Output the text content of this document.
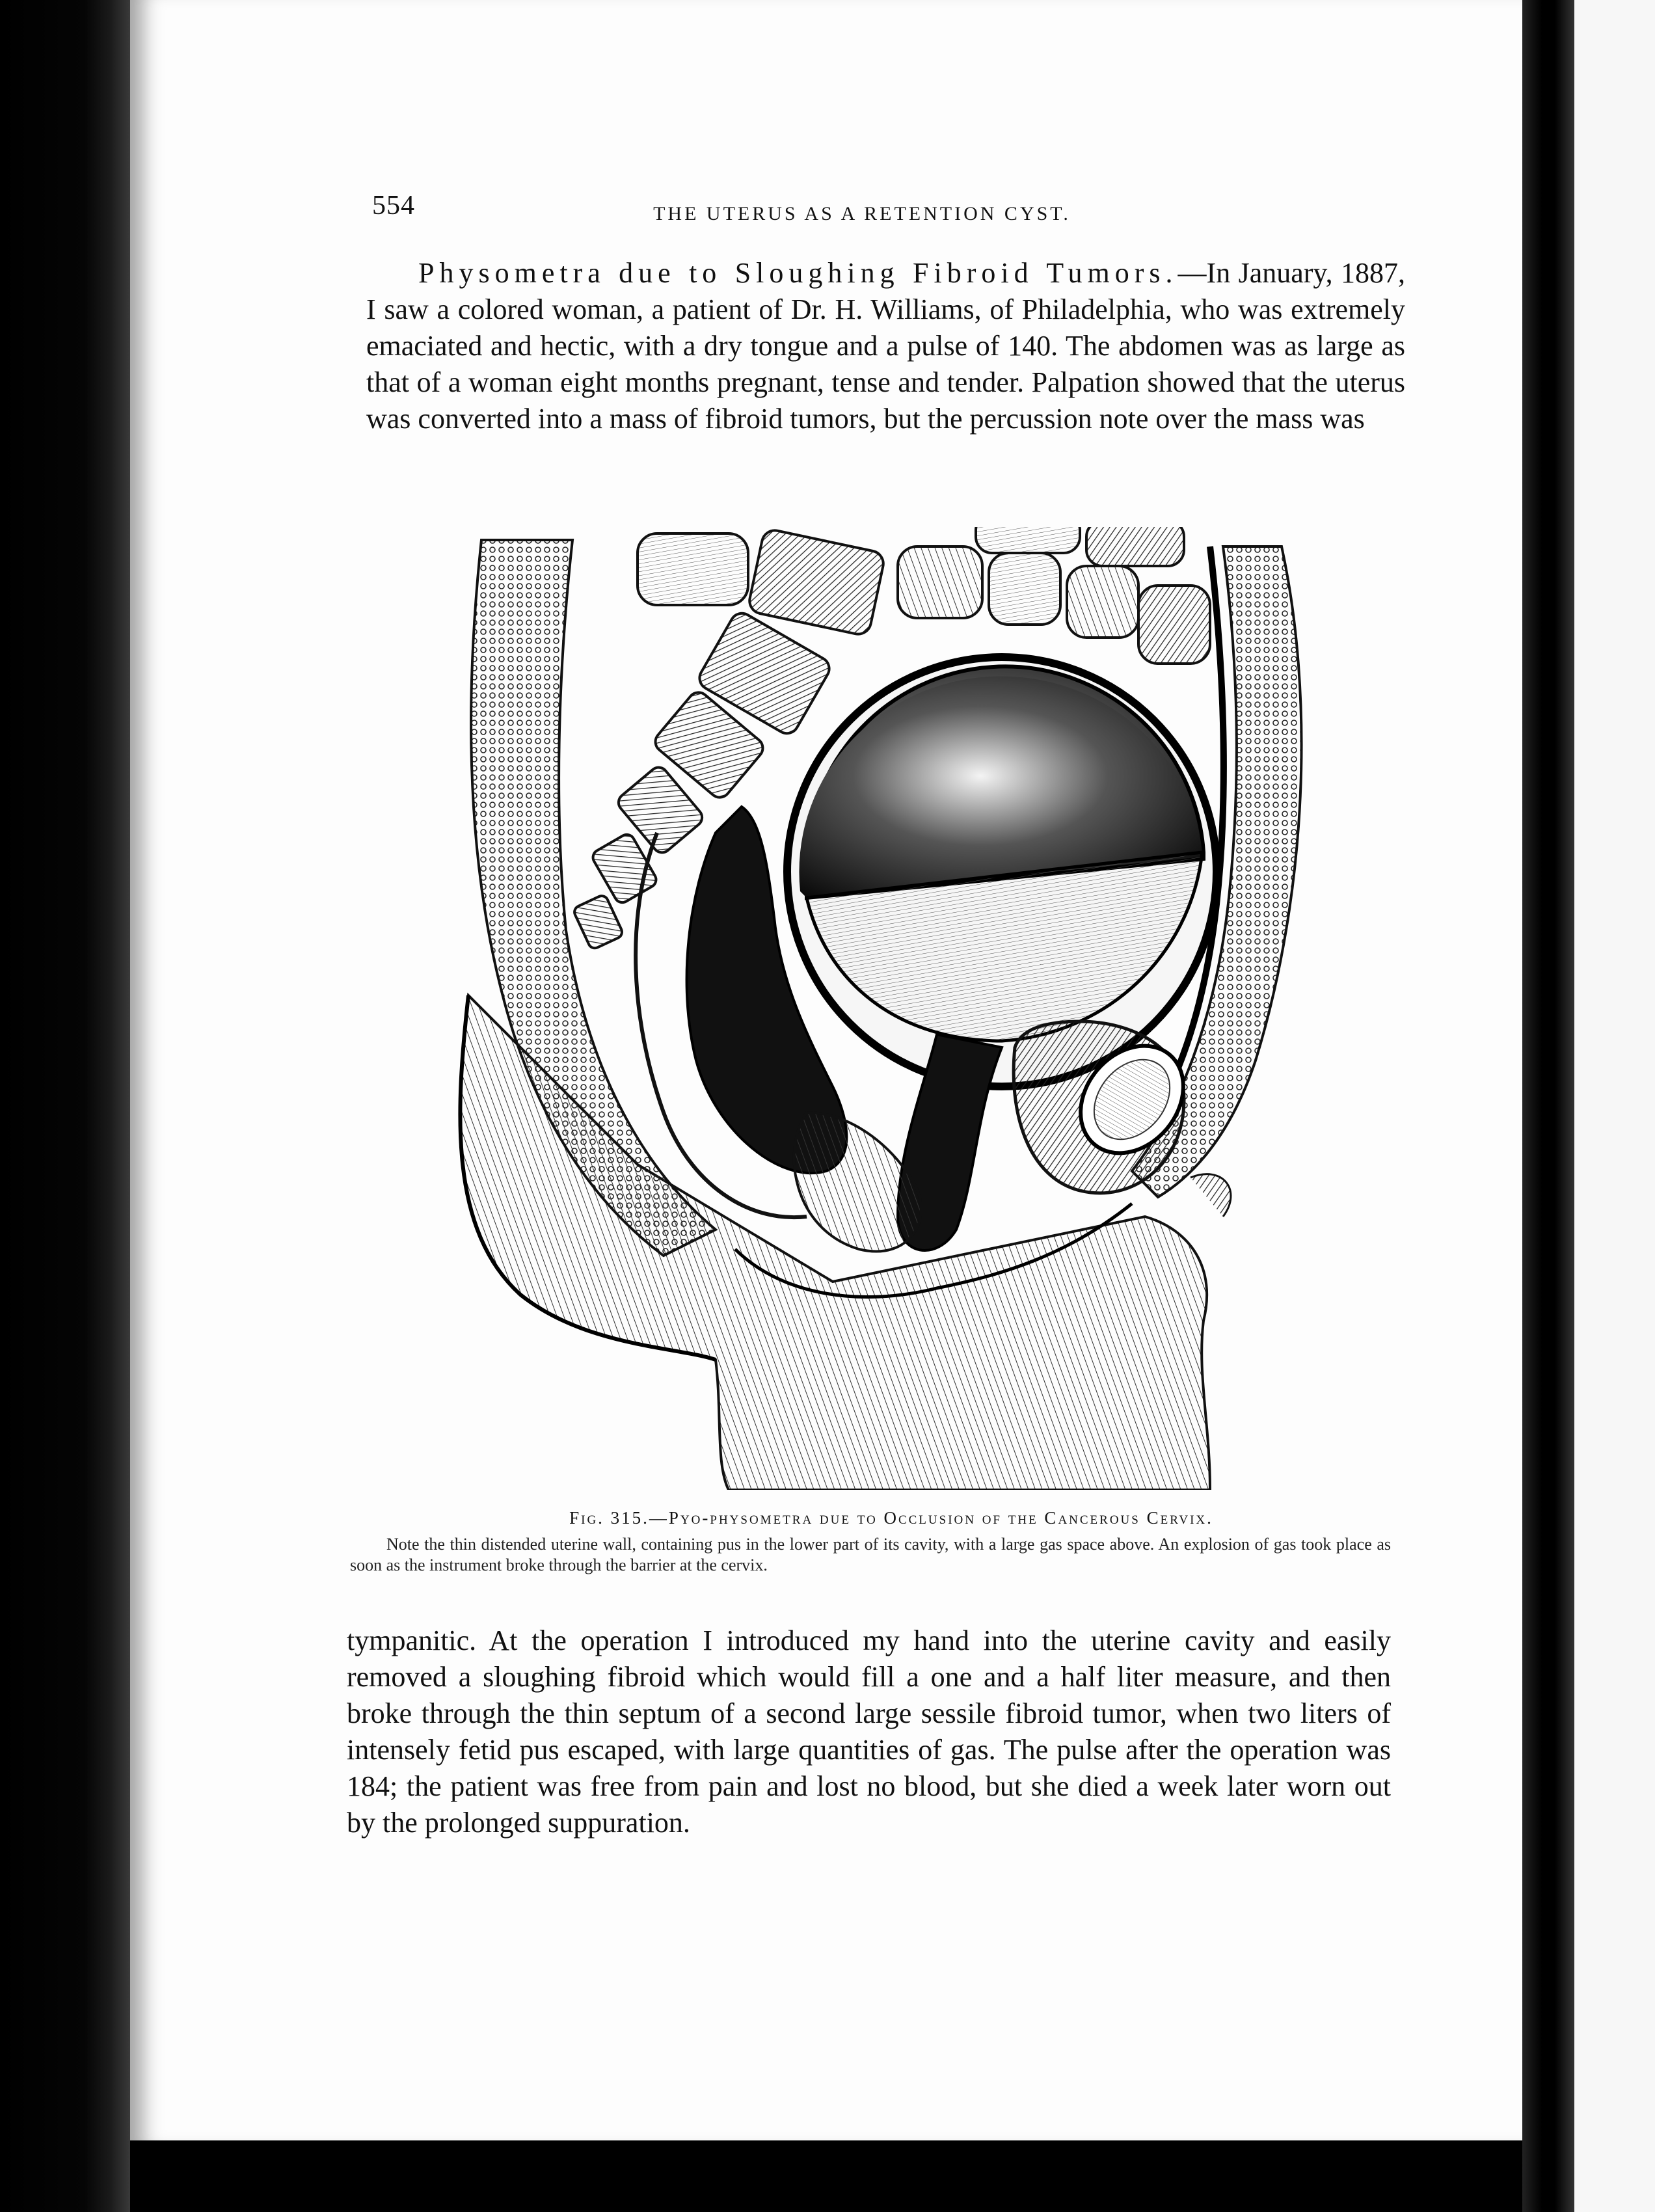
554	THE UTERUS AS A RETENTION CYST.
Physometra due to Sloughing Fibroid Tumors.—In January, 1887, I saw a colored woman, a patient of Dr. H. Williams, of Philadelphia, who was extremely emaciated and hectic, with a dry tongue and a pulse of 140. The abdomen was as large as that of a woman eight months pregnant, tense and tender. Palpation showed that the uterus was converted into a mass of fibroid tumors, but the percussion note over the mass was
Fig. 315.—Pyo-physometra due to Occlusion of the Cancerous Cervix.
Note the thin distended uterine wall, containing pus in the lower part of its cavity, with a large gas space above. An explosion of gas took place as soon as the instrument broke through the barrier at the cervix.
tympanitic. At the operation I introduced my hand into the uterine cavity and easily removed a sloughing fibroid which would fill a one and a half liter measure, and then broke through the thin septum of a second large sessile fibroid tumor, when two liters of intensely fetid pus escaped, with large quantities of gas. The pulse after the operation was 184; the patient was free from pain and lost no blood, but she died a week later worn out by the prolonged suppuration.
